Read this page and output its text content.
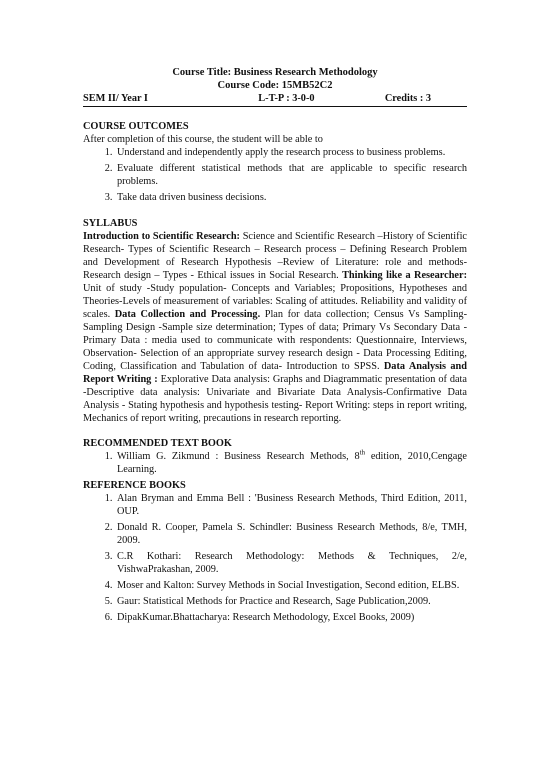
Course Title: Business Research Methodology
Course Code: 15MB52C2
SEM II/ Year I	L-T-P : 3-0-0	Credits : 3
COURSE OUTCOMES
After completion of this course, the student will be able to
1. Understand and independently apply the research process to business problems.
2. Evaluate different statistical methods that are applicable to specific research problems.
3. Take data driven business decisions.
SYLLABUS
Introduction to Scientific Research: Science and Scientific Research –History of Scientific Research- Types of Scientific Research – Research process – Defining Research Problem and Development of Research Hypothesis –Review of Literature: role and methods- Research design – Types - Ethical issues in Social Research. Thinking like a Researcher: Unit of study -Study population- Concepts and Variables; Propositions, Hypotheses and Theories-Levels of measurement of variables: Scaling of attitudes. Reliability and validity of scales. Data Collection and Processing. Plan for data collection; Census Vs Sampling- Sampling Design -Sample size determination; Types of data; Primary Vs Secondary Data - Primary Data : media used to communicate with respondents: Questionnaire, Interviews, Observation- Selection of an appropriate survey research design - Data Processing Editing, Coding, Classification and Tabulation of data- Introduction to SPSS. Data Analysis and Report Writing : Explorative Data analysis: Graphs and Diagrammatic presentation of data -Descriptive data analysis: Univariate and Bivariate Data Analysis-Confirmative Data Analysis - Stating hypothesis and hypothesis testing- Report Writing: steps in report writing, Mechanics of report writing, precautions in research reporting.
RECOMMENDED TEXT BOOK
1. William G. Zikmund : Business Research Methods, 8th edition, 2010,Cengage Learning.
REFERENCE BOOKS
1. Alan Bryman and Emma Bell : 'Business Research Methods, Third Edition, 2011, OUP.
2. Donald R. Cooper, Pamela S. Schindler: Business Research Methods, 8/e, TMH, 2009.
3. C.R Kothari: Research Methodology: Methods & Techniques, 2/e, VishwaPrakashan, 2009.
4. Moser and Kalton: Survey Methods in Social Investigation, Second edition, ELBS.
5. Gaur: Statistical Methods for Practice and Research, Sage Publication,2009.
6. DipakKumar.Bhattacharya: Research Methodology, Excel Books, 2009)
